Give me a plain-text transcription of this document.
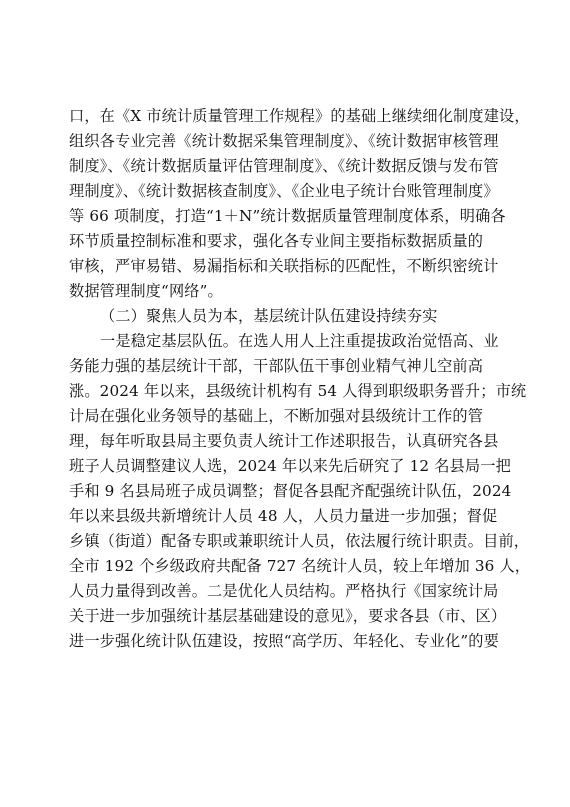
口，在《X 市统计质量管理工作规程》的基础上继续细化制度建设，
组织各专业完善《统计数据采集管理制度》、《统计数据审核管理
制度》、《统计数据质量评估管理制度》、《统计数据反馈与发布管
理制度》、《统计数据核查制度》、《企业电子统计台账管理制度》
等 66 项制度，打造“1＋N”统计数据质量管理制度体系，明确各
环节质量控制标准和要求，强化各专业间主要指标数据质量的
审核，严审易错、易漏指标和关联指标的匹配性，不断织密统计
数据管理制度“网络”。
（二）聚焦人员为本，基层统计队伍建设持续夯实
一是稳定基层队伍。在选人用人上注重提拔政治觉悟高、业
务能力强的基层统计干部，干部队伍干事创业精气神儿空前高
涨。2024 年以来，县级统计机构有 54 人得到职级职务晋升；市统
计局在强化业务领导的基础上，不断加强对县级统计工作的管
理，每年听取县局主要负责人统计工作述职报告，认真研究各县
班子人员调整建议人选，2024 年以来先后研究了 12 名县局一把
手和 9 名县局班子成员调整；督促各县配齐配强统计队伍，2024
年以来县级共新增统计人员 48 人，人员力量进一步加强；督促
乡镇（街道）配备专职或兼职统计人员，依法履行统计职责。目前，
全市 192 个乡级政府共配备 727 名统计人员，较上年增加 36 人，
人员力量得到改善。二是优化人员结构。严格执行《国家统计局
关于进一步加强统计基层基础建设的意见》，要求各县（市、区）
进一步强化统计队伍建设，按照“高学历、年轻化、专业化”的要
